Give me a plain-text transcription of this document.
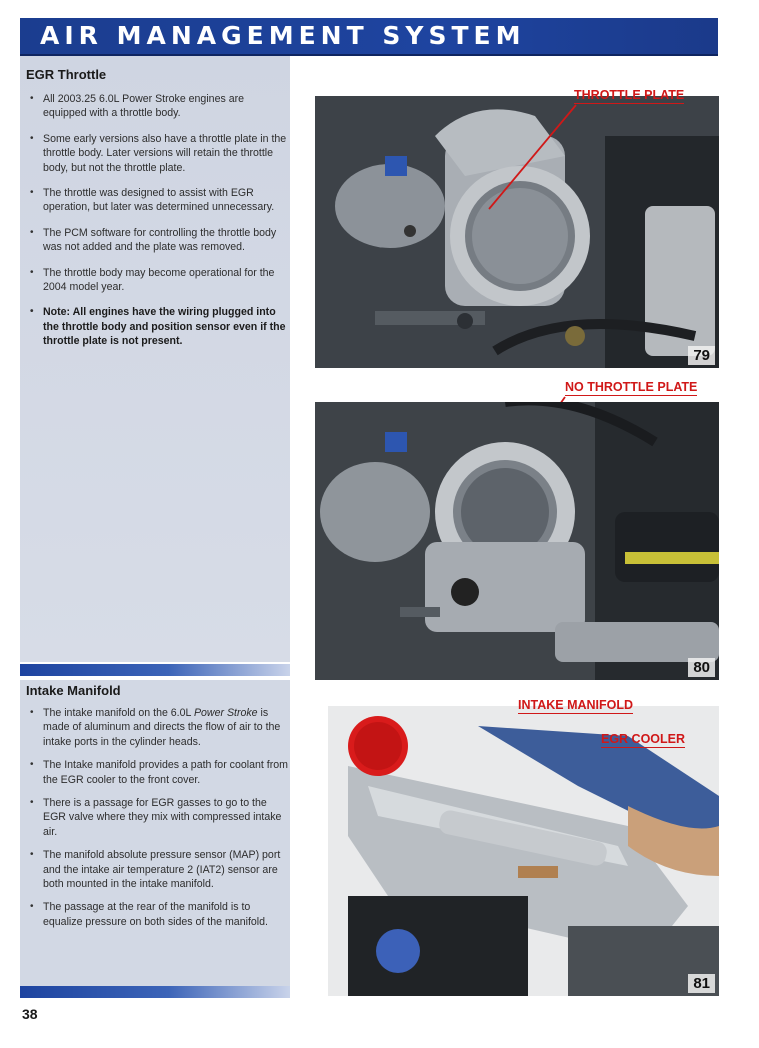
AIR MANAGEMENT SYSTEM
EGR Throttle
• All 2003.25 6.0L Power Stroke engines are equipped with a throttle body.
• Some early versions also have a throttle plate in the throttle body. Later versions will retain the throttle body, but not the throttle plate.
• The throttle was designed to assist with EGR operation, but later was determined unnecessary.
• The PCM software for controlling the throttle body was not added and the plate was removed.
• The throttle body may become operational for the 2004 model year.
• Note: All engines have the wiring plugged into the throttle body and position sensor even if the throttle plate is not present.
Intake Manifold
• The intake manifold on the 6.0L Power Stroke is made of aluminum and directs the flow of air to the intake ports in the cylinder heads.
• The Intake manifold provides a path for coolant from the EGR cooler to the front cover.
• There is a passage for EGR gasses to go to the EGR valve where they mix with compressed intake air.
• The manifold absolute pressure sensor (MAP) port and the intake air temperature 2 (IAT2) sensor are both mounted in the intake manifold.
• The passage at the rear of the manifold is to equalize pressure on both sides of the manifold.
79
THROTTLE PLATE
80
NO THROTTLE PLATE
81
INTAKE MANIFOLD
EGR COOLER
38
